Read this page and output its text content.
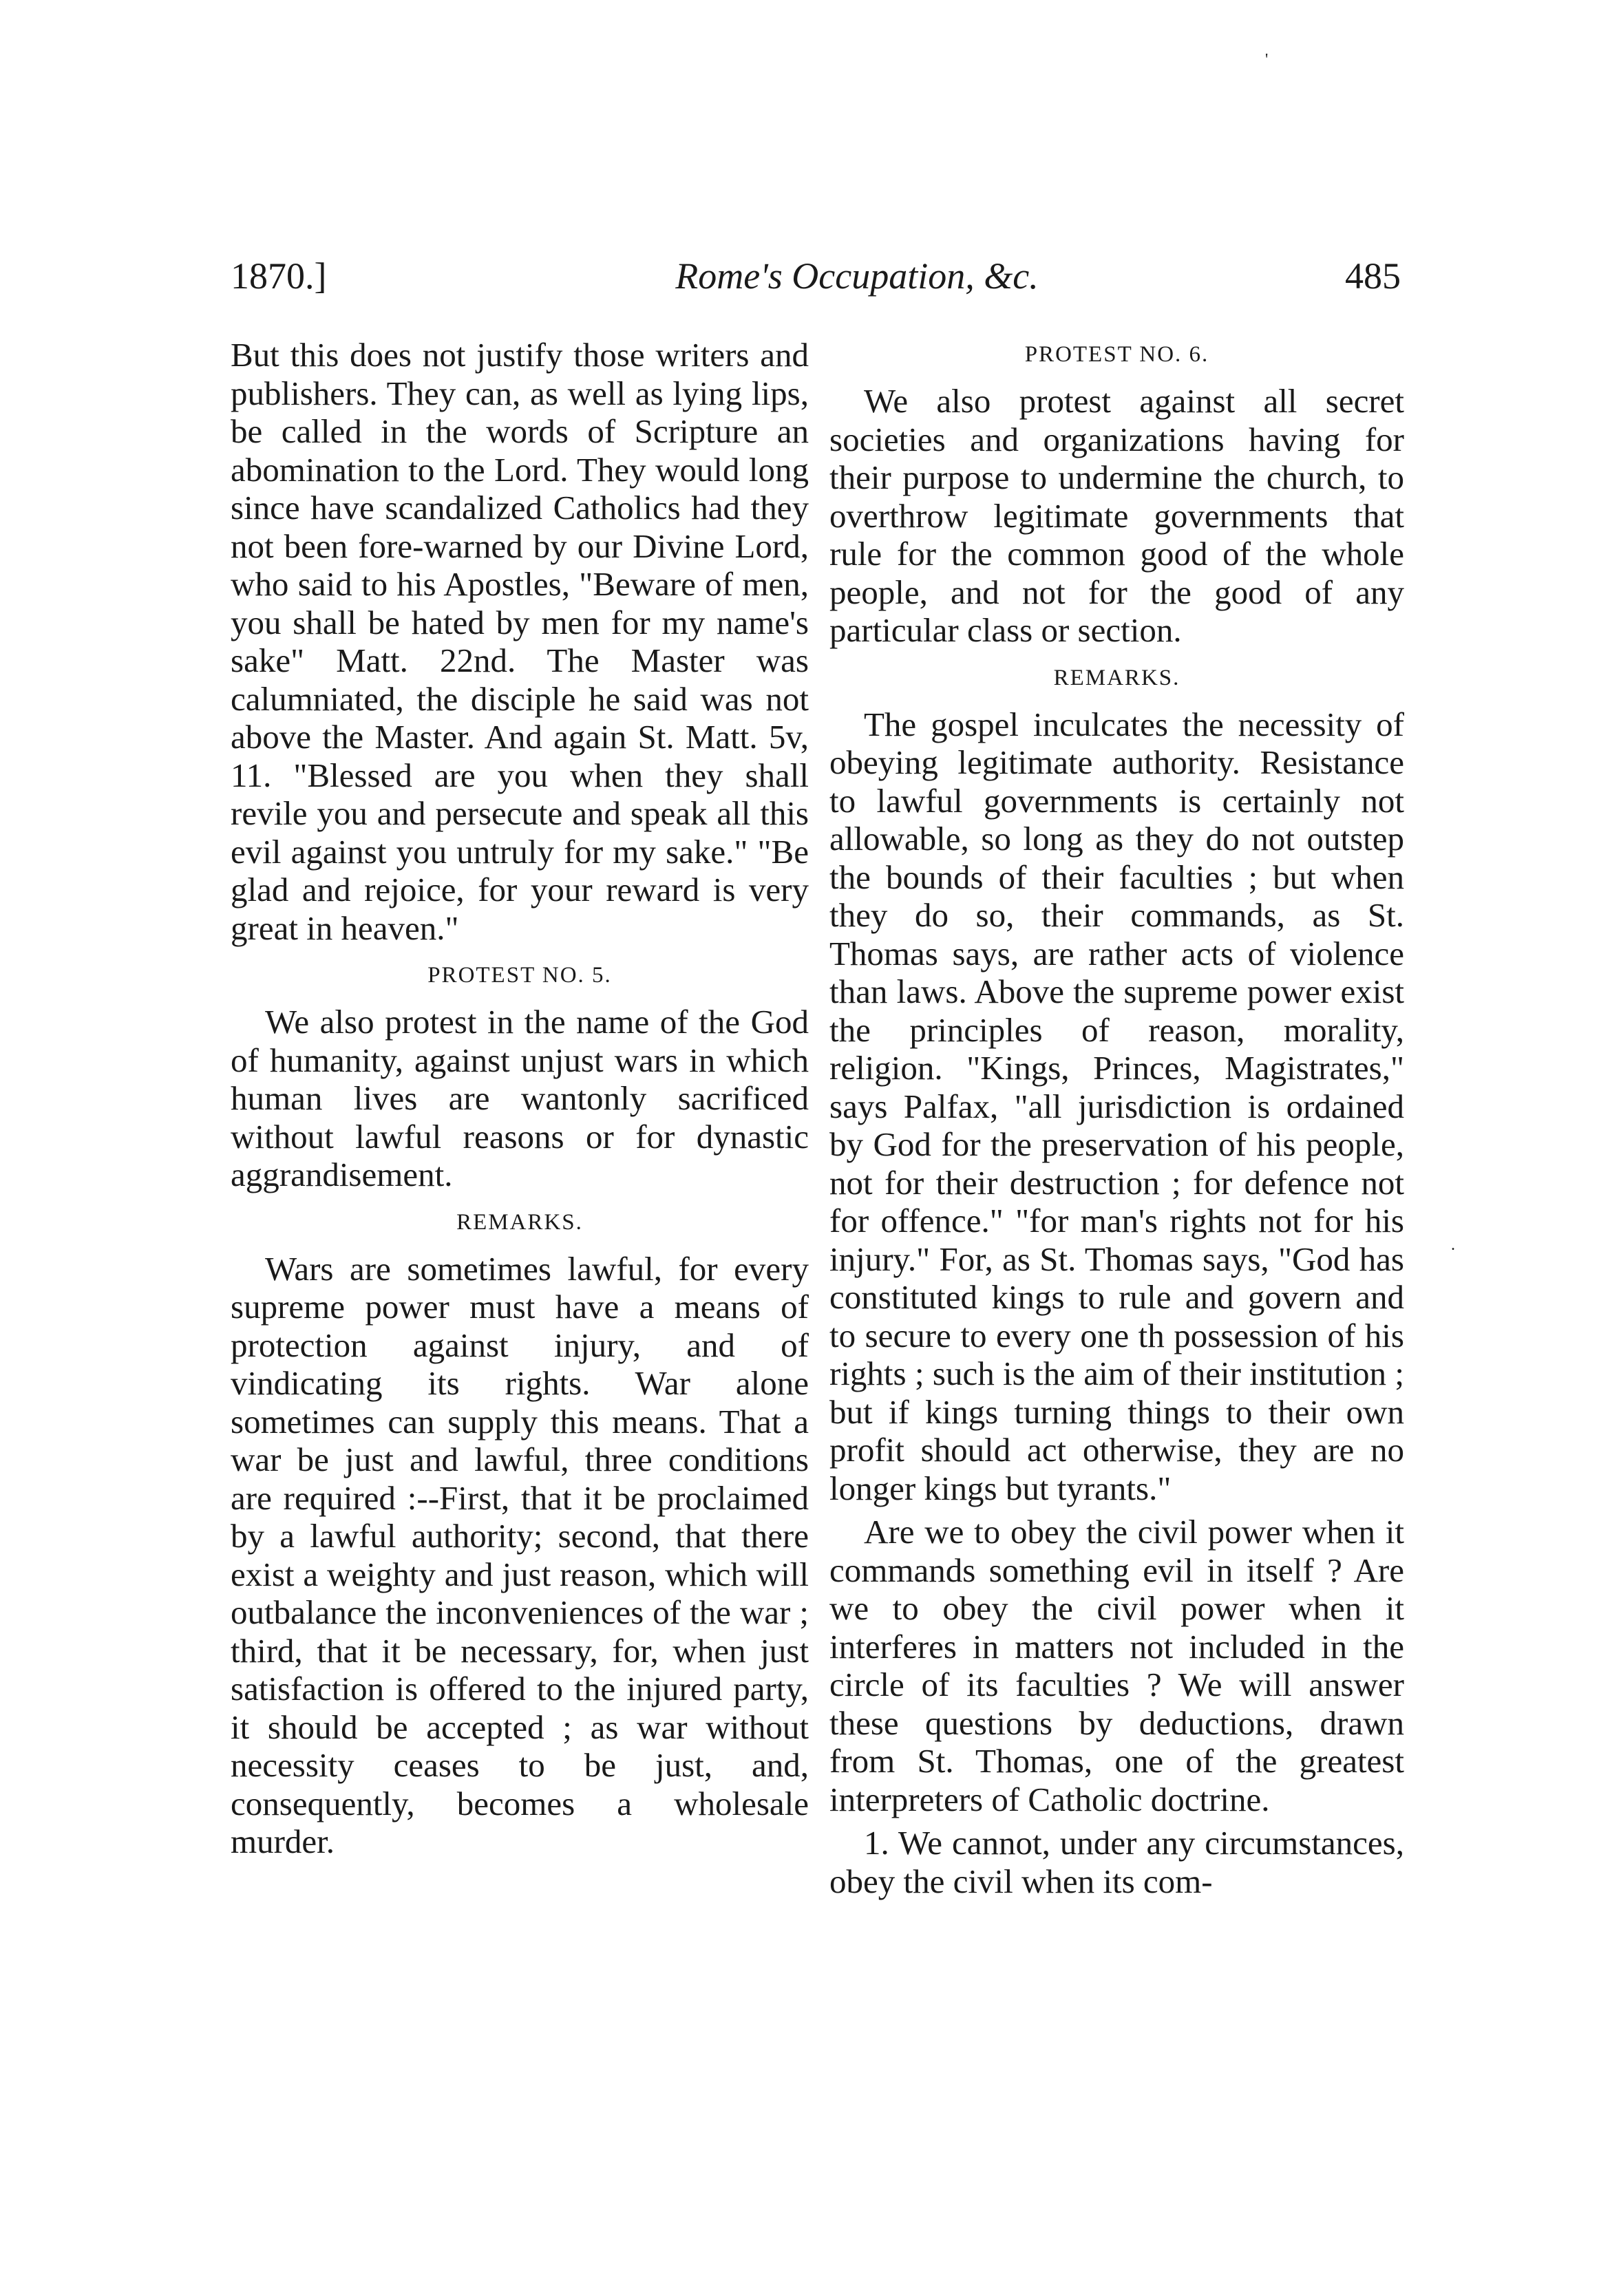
'
.
1870.]	Rome's Occupation, &c.	485

But this does not justify those writers and publishers. They can, as well as lying lips, be called in the words of Scripture an abomination to the Lord. They would long since have scandalized Catholics had they not been fore-warned by our Divine Lord, who said to his Apostles, "Beware of men, you shall be hated by men for my name's sake" Matt. 22nd. The Master was calumniated, the disciple he said was not above the Master. And again St. Matt. 5v, 11. "Blessed are you when they shall revile you and persecute and speak all this evil against you untruly for my sake." "Be glad and rejoice, for your reward is very great in heaven."

PROTEST NO. 5.

We also protest in the name of the God of humanity, against unjust wars in which human lives are wantonly sacrificed without lawful reasons or for dynastic aggrandisement.

REMARKS.

Wars are sometimes lawful, for every supreme power must have a means of protection against injury, and of vindicating its rights. War alone sometimes can supply this means. That a war be just and lawful, three conditions are required :--First, that it be proclaimed by a lawful authority; second, that there exist a weighty and just reason, which will outbalance the inconveniences of the war ; third, that it be necessary, for, when just satisfaction is offered to the injured party, it should be accepted ; as war without necessity ceases to be just, and, consequently, becomes a wholesale murder.

PROTEST NO. 6.

We also protest against all secret societies and organizations having for their purpose to undermine the church, to overthrow legitimate governments that rule for the common good of the whole people, and not for the good of any particular class or section.

REMARKS.

The gospel inculcates the necessity of obeying legitimate authority. Resistance to lawful governments is certainly not allowable, so long as they do not outstep the bounds of their faculties ; but when they do so, their commands, as St. Thomas says, are rather acts of violence than laws. Above the supreme power exist the principles of reason, morality, religion. "Kings, Princes, Magistrates," says Palfax, "all jurisdiction is ordained by God for the preservation of his people, not for their destruction ; for defence not for offence." "for man's rights not for his injury." For, as St. Thomas says, "God has constituted kings to rule and govern and to secure to every one th possession of his rights ; such is the aim of their institution ; but if kings turning things to their own profit should act otherwise, they are no longer kings but tyrants."

Are we to obey the civil power when it commands something evil in itself ? Are we to obey the civil power when it interferes in matters not included in the circle of its faculties ? We will answer these questions by deductions, drawn from St. Thomas, one of the greatest interpreters of Catholic doctrine.

1. We cannot, under any circumstances, obey the civil when its com-
